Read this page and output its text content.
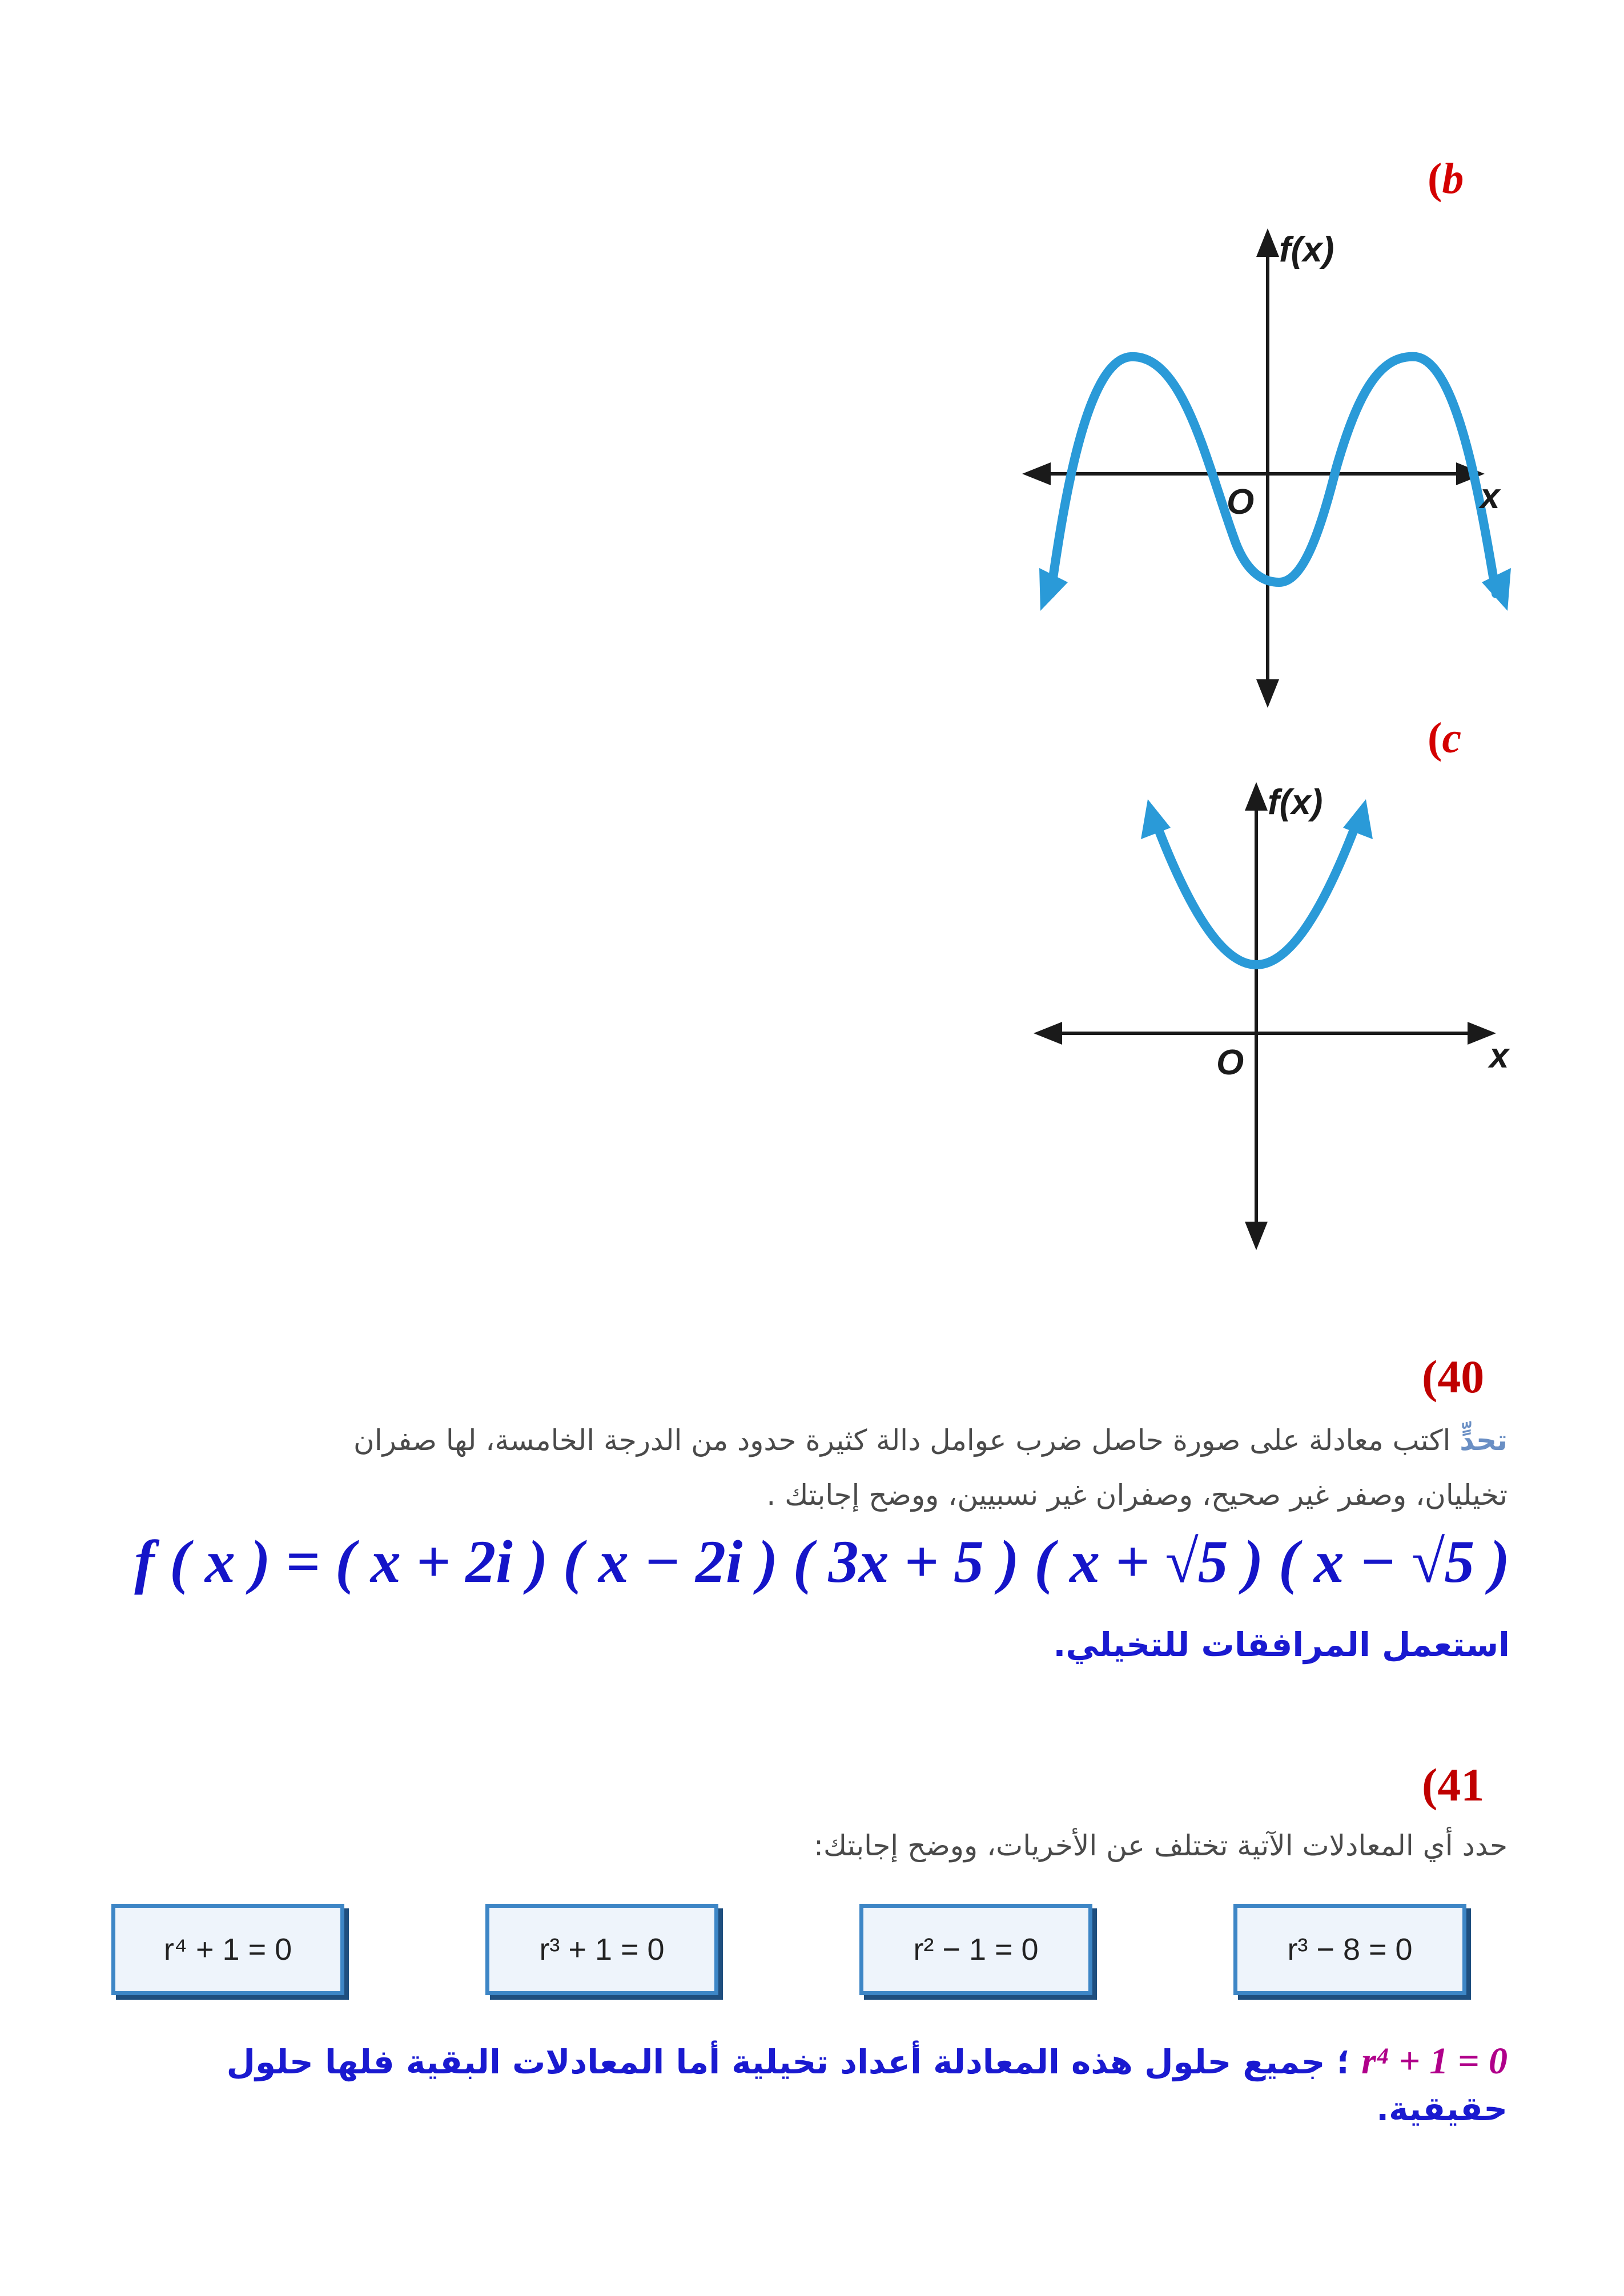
(b
f(x)
x
O
(c
f(x)
x
O
(40
تحدٍّ اكتب معادلة على صورة حاصل ضرب عوامل دالة كثيرة حدود من الدرجة الخامسة، لها صفران
تخيليان، وصفر غير صحيح، وصفران غير نسبيين، ووضح إجابتك .
f ( x ) = ( x + 2i ) ( x − 2i ) ( 3x + 5 ) ( x + √5 ) ( x − √5 )
استعمل المرافقات للتخيلي.
(41
حدد أي المعادلات الآتية تختلف عن الأخريات، ووضح إجابتك:
r⁴ + 1 = 0	r³ + 1 = 0	r² − 1 = 0	r³ − 8 = 0
r⁴ + 1 = 0 ؛ جميع حلول هذه المعادلة أعداد تخيلية أما المعادلات البقية فلها حلول حقيقية.
